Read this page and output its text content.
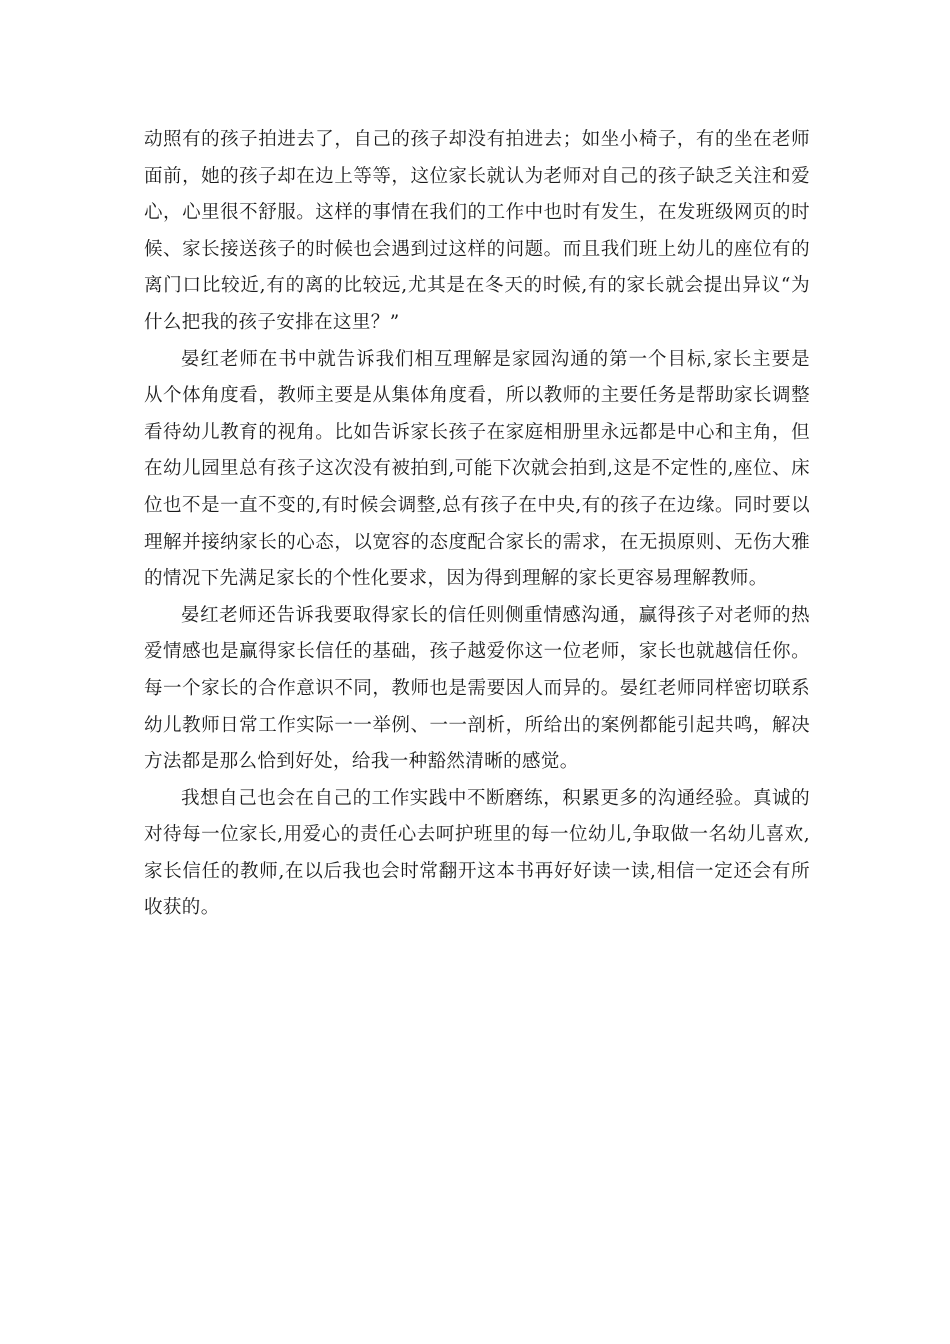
动照有的孩子拍进去了，自己的孩子却没有拍进去；如坐小椅子，有的坐在老师面前，她的孩子却在边上等等，这位家长就认为老师对自己的孩子缺乏关注和爱心，心里很不舒服。这样的事情在我们的工作中也时有发生，在发班级网页的时候、家长接送孩子的时候也会遇到过这样的问题。而且我们班上幼儿的座位有的离门口比较近,有的离的比较远,尤其是在冬天的时候,有的家长就会提出异议“为什么把我的孩子安排在这里？”

晏红老师在书中就告诉我们相互理解是家园沟通的第一个目标,家长主要是从个体角度看，教师主要是从集体角度看，所以教师的主要任务是帮助家长调整看待幼儿教育的视角。比如告诉家长孩子在家庭相册里永远都是中心和主角，但在幼儿园里总有孩子这次没有被拍到,可能下次就会拍到,这是不定性的,座位、床位也不是一直不变的,有时候会调整,总有孩子在中央,有的孩子在边缘。同时要以理解并接纳家长的心态，以宽容的态度配合家长的需求，在无损原则、无伤大雅的情况下先满足家长的个性化要求，因为得到理解的家长更容易理解教师。

晏红老师还告诉我要取得家长的信任则侧重情感沟通，赢得孩子对老师的热爱情感也是赢得家长信任的基础，孩子越爱你这一位老师，家长也就越信任你。每一个家长的合作意识不同，教师也是需要因人而异的。晏红老师同样密切联系幼儿教师日常工作实际一一举例、一一剖析，所给出的案例都能引起共鸣，解决方法都是那么恰到好处，给我一种豁然清晰的感觉。

我想自己也会在自己的工作实践中不断磨练，积累更多的沟通经验。真诚的对待每一位家长,用爱心的责任心去呵护班里的每一位幼儿,争取做一名幼儿喜欢,家长信任的教师,在以后我也会时常翻开这本书再好好读一读,相信一定还会有所收获的。
